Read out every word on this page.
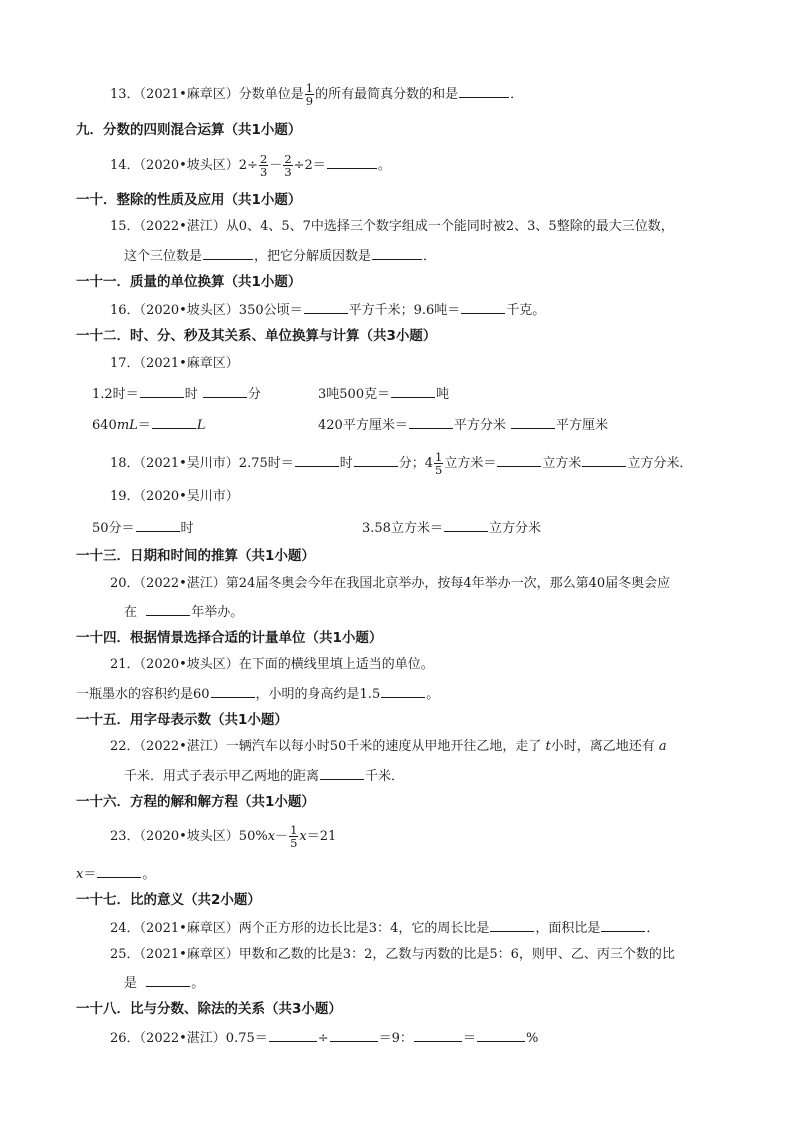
13．（2021•麻章区）分数单位是 $\frac{1}{9}$ 的所有最简真分数的和是	．
九．分数的四则混合运算（共1小题）
14．（2020•坡头区）$2\div \frac{2}{3} - \frac{2}{3} \div 2=$	。
一十．整除的性质及应用（共1小题）
15．（2022•湛江）从0、4、5、7中选择三个数字组成一个能同时被2、3、5整除的最大三位数，
这个三位数是	，把它分解质因数是	．
一十一．质量的单位换算（共1小题）
16．（2020•坡头区）350公顷＝	平方千米；9.6吨＝	千克。
一十二．时、分、秒及其关系、单位换算与计算（共3小题）
17．（2021•麻章区）
1.2时＝	时	分	3吨500克＝	吨
640mL＝	L	420平方厘米＝	平方分米	平方厘米
18．（2021•吴川市）2.75时＝	时	分；$4 \frac{1}{5}$ 立方米＝	立方米	立方分米．
19．（2020•吴川市）
50分＝	时	3.58立方米＝	立方分米
一十三．日期和时间的推算（共1小题）
20．（2022•湛江）第24届冬奥会今年在我国北京举办，按每4年举办一次，那么第40届冬奥会应
在	年举办。
一十四．根据情景选择合适的计量单位（共1小题）
21．（2020•坡头区）在下面的横线里填上适当的单位。
一瓶墨水的容积约是60	，小明的身高约是1.5	。
一十五．用字母表示数（共1小题）
22．（2022•湛江）一辆汽车以每小时50千米的速度从甲地开往乙地，走了 t小时，离乙地还有 a
千米．用式子表示甲乙两地的距离	千米．
一十六．方程的解和解方程（共1小题）
23．（2020•坡头区）$50\%x- \frac{1}{5} x=21$
x＝	。
一十七．比的意义（共2小题）
24．（2021•麻章区）两个正方形的边长比是3：4，它的周长比是	，面积比是	．
25．（2021•麻章区）甲数和乙数的比是3：2，乙数与丙数的比是5：6，则甲、乙、丙三个数的比
是	。
一十八．比与分数、除法的关系（共3小题）
26．（2022•湛江）0.75＝	÷	＝9：	＝	%
